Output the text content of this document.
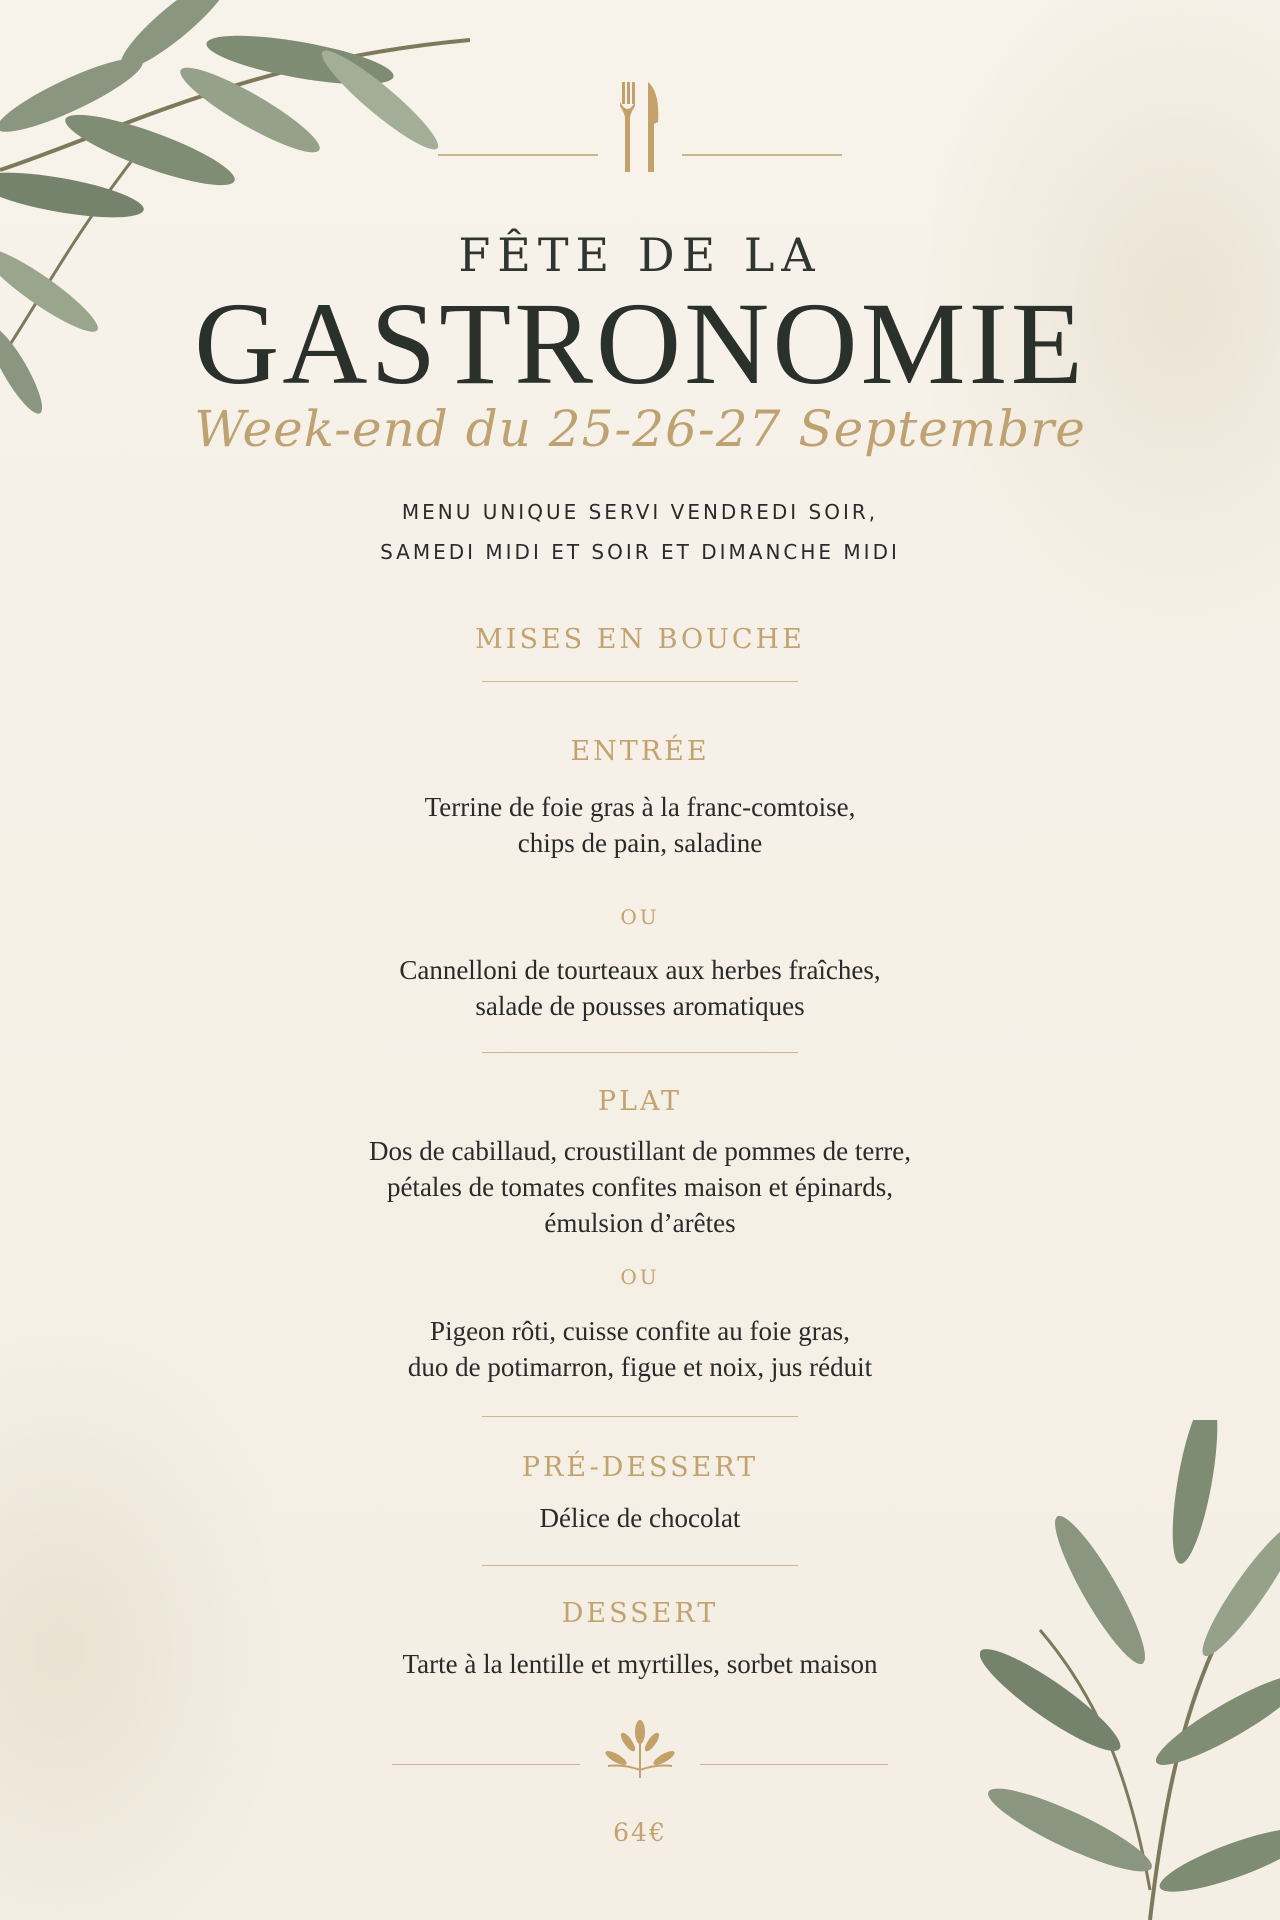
FÊTE DE LA
GASTRONOMIE
Week-end du 25-26-27 Septembre
MENU UNIQUE SERVI VENDREDI SOIR,
SAMEDI MIDI ET SOIR ET DIMANCHE MIDI
MISES EN BOUCHE
ENTRÉE
Terrine de foie gras à la franc-comtoise,
chips de pain, saladine
OU
Cannelloni de tourteaux aux herbes fraîches,
salade de pousses aromatiques
PLAT
Dos de cabillaud, croustillant de pommes de terre,
pétales de tomates confites maison et épinards,
émulsion d’arêtes
OU
Pigeon rôti, cuisse confite au foie gras,
duo de potimarron, figue et noix, jus réduit
PRÉ-DESSERT
Délice de chocolat
DESSERT
Tarte à la lentille et myrtilles, sorbet maison
64€
